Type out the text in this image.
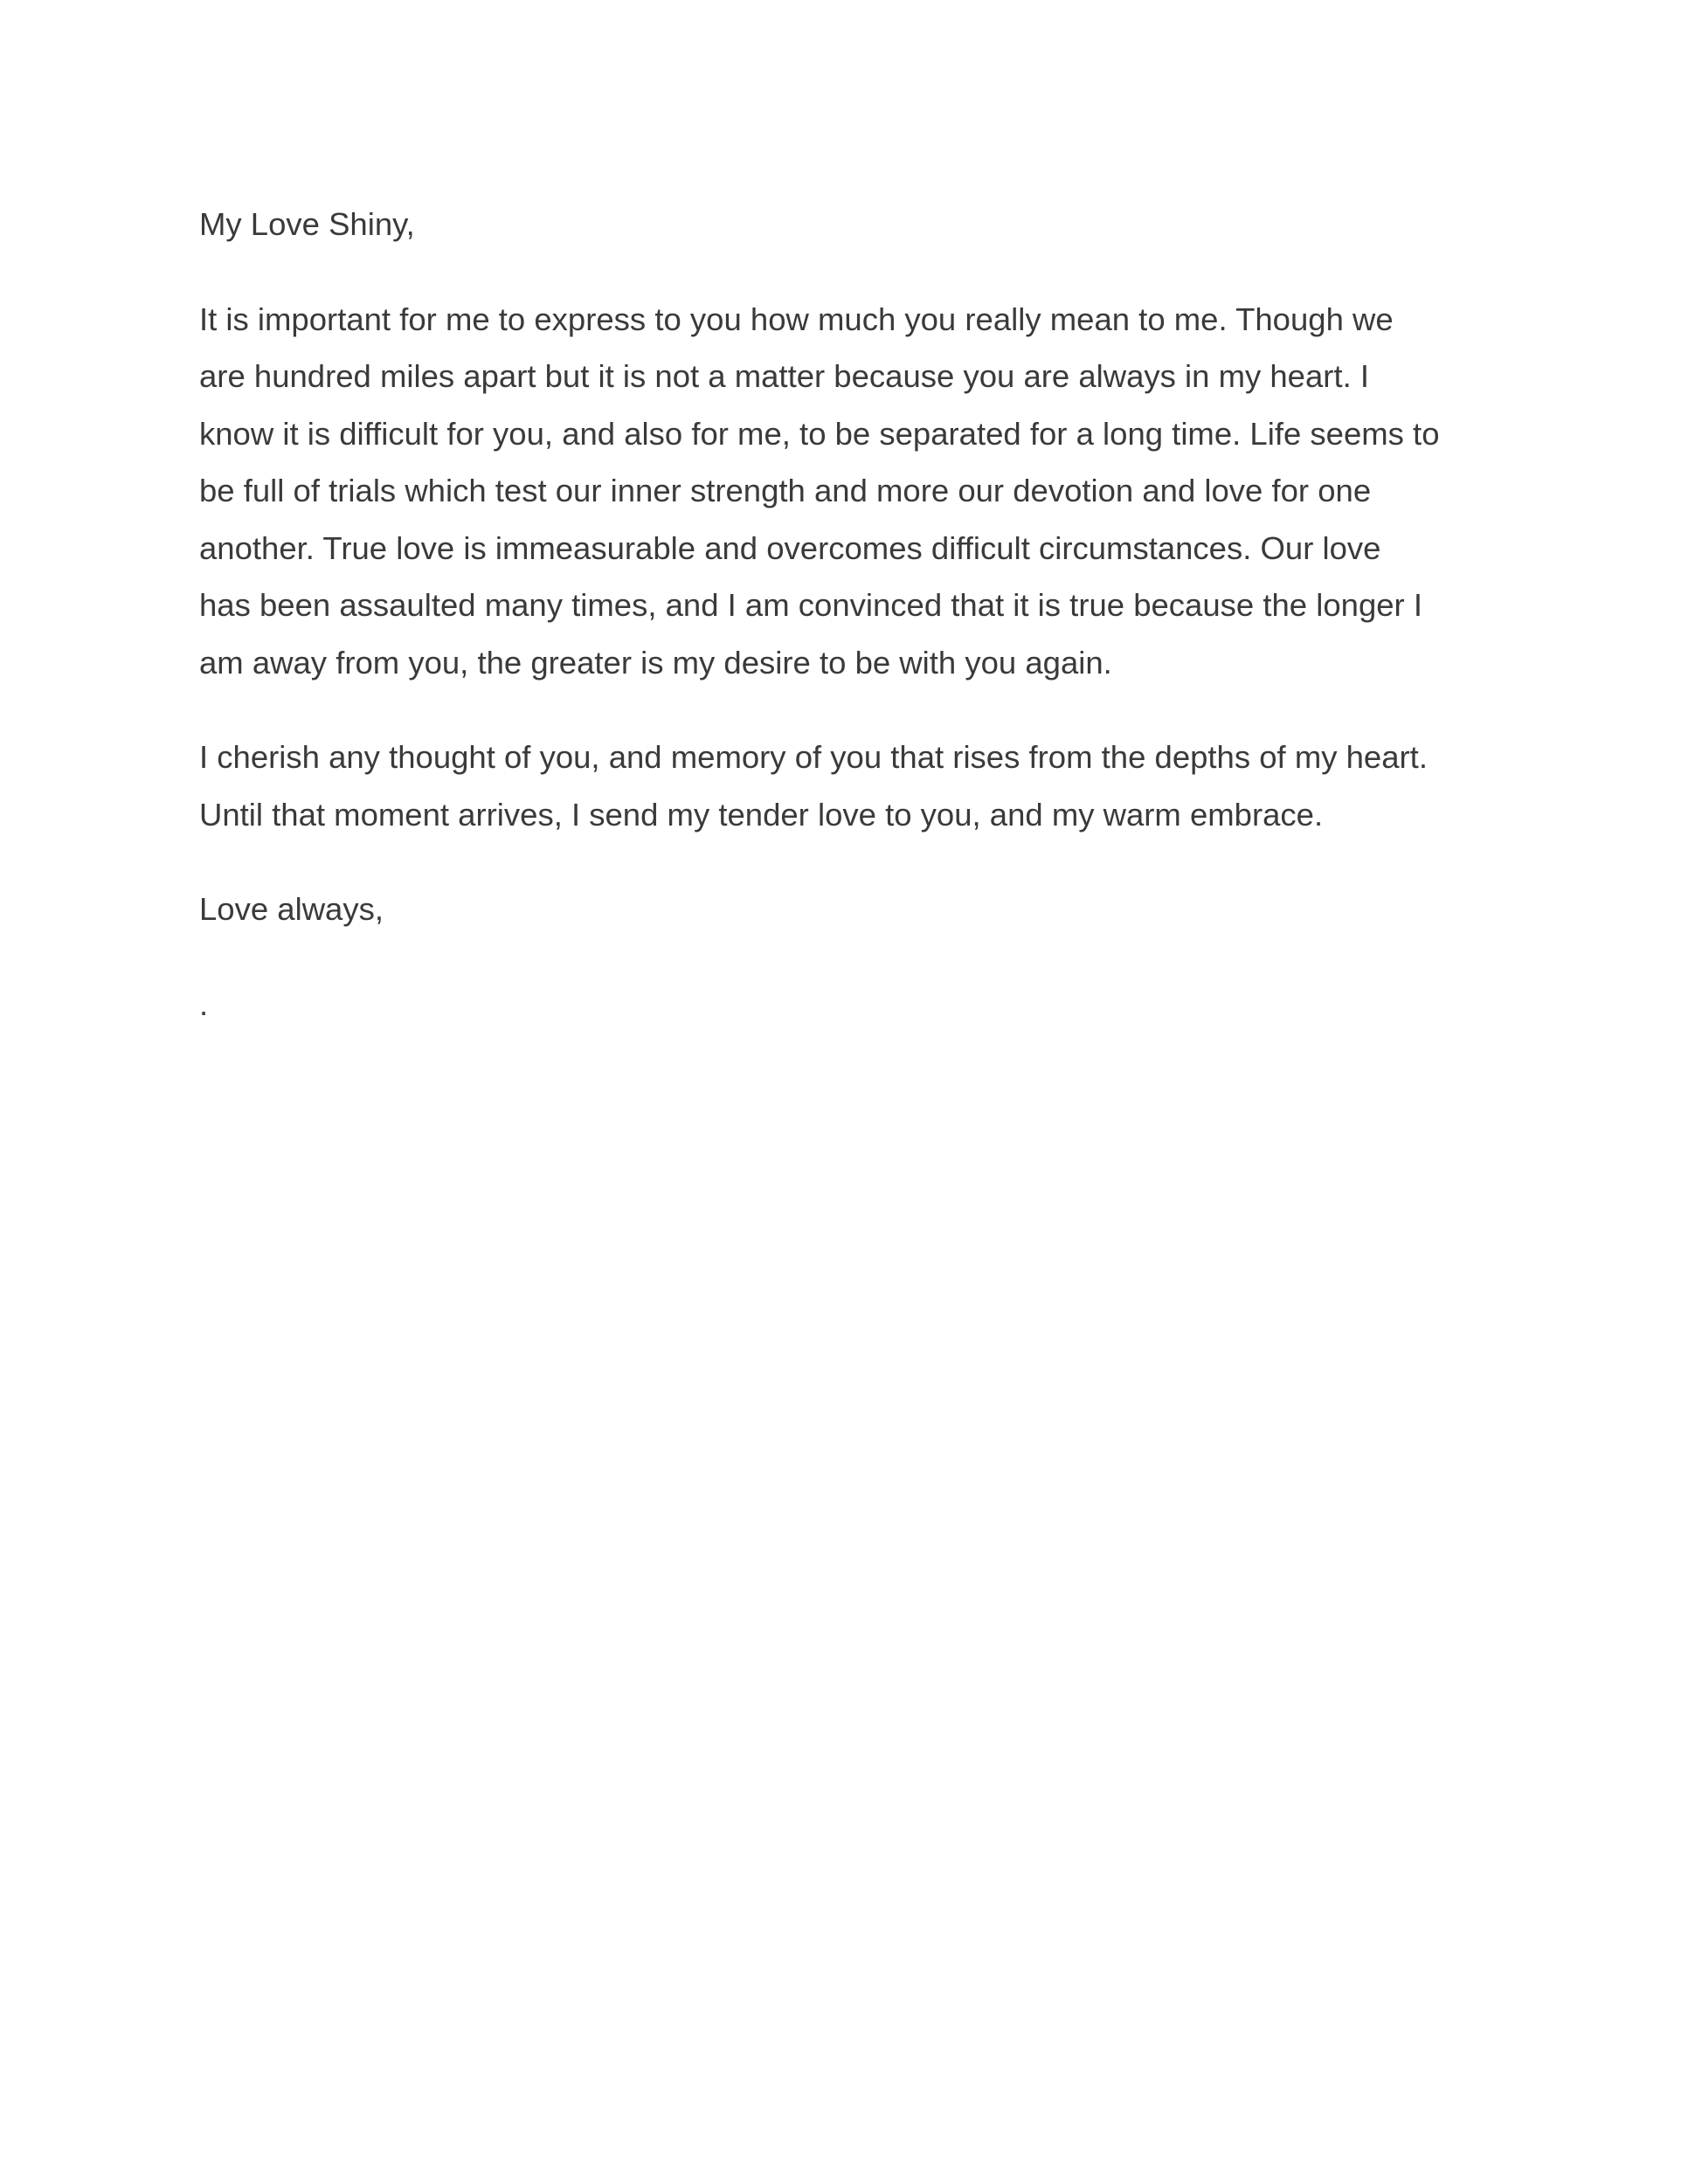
My Love Shiny,

It is important for me to express to you how much you really mean to me. Though we
are hundred miles apart but it is not a matter because you are always in my heart. I
know it is difficult for you, and also for me, to be separated for a long time. Life seems to
be full of trials which test our inner strength and more our devotion and love for one
another. True love is immeasurable and overcomes difficult circumstances. Our love
has been assaulted many times, and I am convinced that it is true because the longer I
am away from you, the greater is my desire to be with you again.

I cherish any thought of you, and memory of you that rises from the depths of my heart.
Until that moment arrives, I send my tender love to you, and my warm embrace.

Love always,

.
